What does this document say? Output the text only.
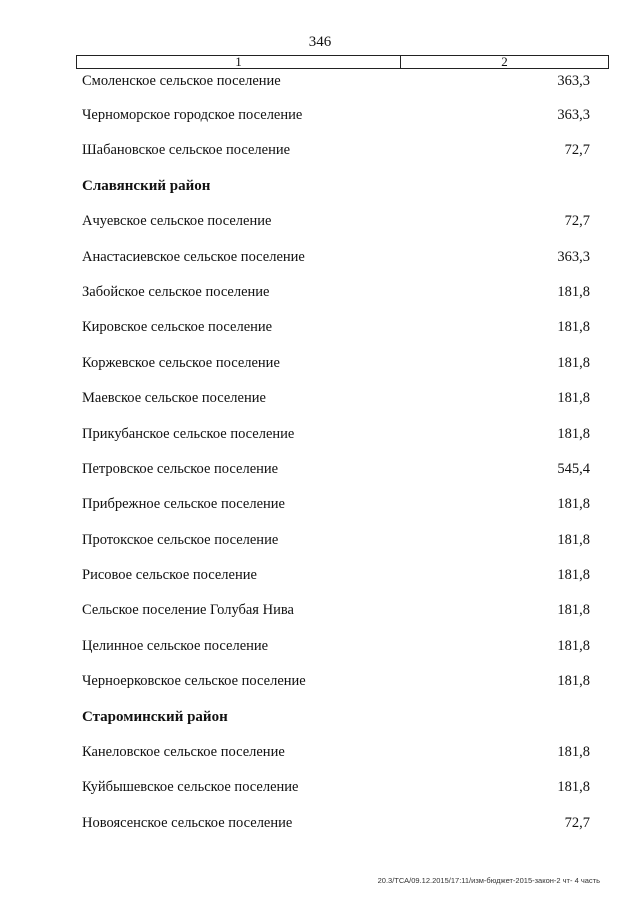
346
1	2
Смоленское сельское поселение	363,3
Черноморское городское поселение	363,3
Шабановское сельское поселение	72,7
Славянский район
Ачуевское сельское поселение	72,7
Анастасиевское сельское поселение	363,3
Забойское сельское поселение	181,8
Кировское сельское поселение	181,8
Коржевское сельское поселение	181,8
Маевское сельское поселение	181,8
Прикубанское сельское поселение	181,8
Петровское сельское поселение	545,4
Прибрежное сельское поселение	181,8
Протокское сельское поселение	181,8
Рисовое сельское поселение	181,8
Сельское поселение Голубая Нива	181,8
Целинное сельское поселение	181,8
Черноерковское сельское поселение	181,8
Староминский район
Канеловское сельское поселение	181,8
Куйбышевское сельское поселение	181,8
Новоясенское сельское поселение	72,7
20.3/ТСА/09.12.2015/17:11/изм-бюджет-2015-закон-2 чт- 4 часть
